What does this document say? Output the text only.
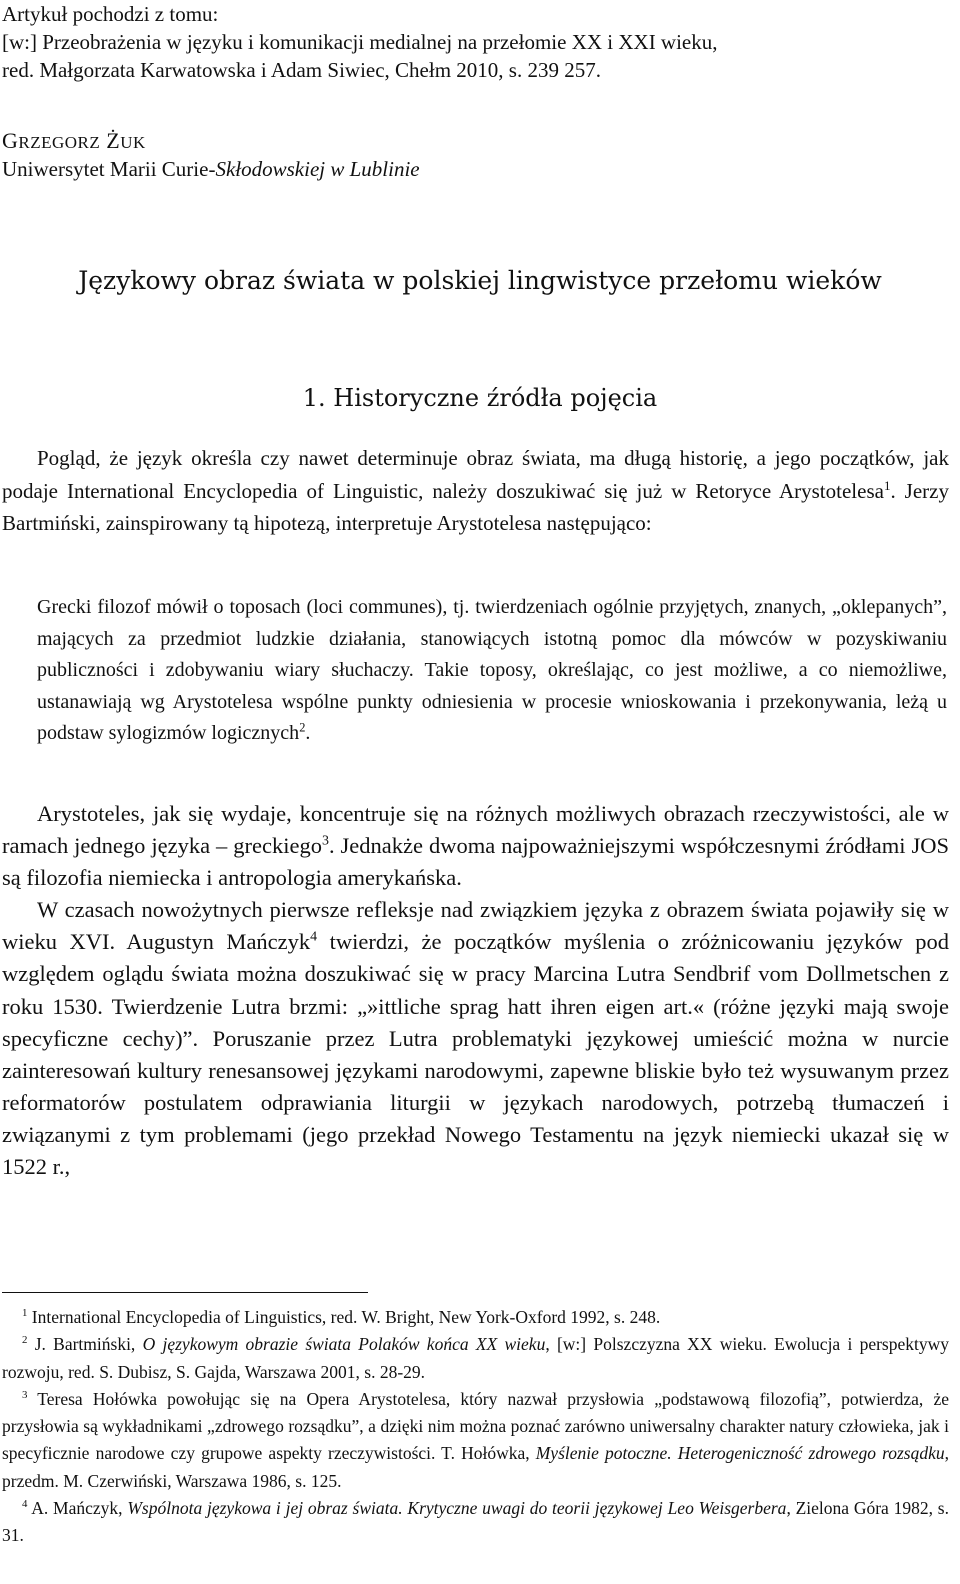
Artykuł pochodzi z tomu:
[w:] Przeobrażenia w języku i komunikacji medialnej na przełomie XX i XXI wieku,
red. Małgorzata Karwatowska i Adam Siwiec, Chełm 2010, s. 239 257.
GRZEGORZ ŻUK
Uniwersytet Marii Curie-Skłodowskiej w Lublinie
Językowy obraz świata w polskiej lingwistyce przełomu wieków
1. Historyczne źródła pojęcia

Pogląd, że język określa czy nawet determinuje obraz świata, ma długą historię, a jego początków, jak podaje International Encyclopedia of Linguistic, należy doszukiwać się już w Retoryce Arystotelesa$^1$. Jerzy Bartmiński, zainspirowany tą hipotezą, interpretuje Arystotelesa następująco:

Grecki filozof mówił o toposach (loci communes), tj. twierdzeniach ogólnie przyjętych, znanych, „oklepanych”, mających za przedmiot ludzkie działania, stanowiących istotną pomoc dla mówców w pozyskiwaniu publiczności i zdobywaniu wiary słuchaczy. Takie toposy, określając, co jest możliwe, a co niemożliwe, ustanawiają wg Arystotelesa wspólne punkty odniesienia w procesie wnioskowania i przekonywania, leżą u podstaw sylogizmów logicznych$^2$.

Arystoteles, jak się wydaje, koncentruje się na różnych możliwych obrazach rzeczywistości, ale w ramach jednego języka – greckiego$^3$. Jednakże dwoma najpoważniejszymi współczesnymi źródłami JOS są filozofia niemiecka i antropologia amerykańska.

W czasach nowożytnych pierwsze refleksje nad związkiem języka z obrazem świata pojawiły się w wieku XVI. Augustyn Mańczyk$^4$ twierdzi, że początków myślenia o zróżnicowaniu języków pod względem oglądu świata można doszukiwać się w pracy Marcina Lutra Sendbrif vom Dollmetschen z roku 1530. Twierdzenie Lutra brzmi: „»ittliche sprag hatt ihren eigen art.« (różne języki mają swoje specyficzne cechy)”. Poruszanie przez Lutra problematyki językowej umieścić można w nurcie zainteresowań kultury renesansowej językami narodowymi, zapewne bliskie było też wysuwanym przez reformatorów postulatem odprawiania liturgii w językach narodowych, potrzebą tłumaczeń i związanymi z tym problemami (jego przekład Nowego Testamentu na język niemiecki ukazał się w 1522 r.,

$^1$ International Encyclopedia of Linguistics, red. W. Bright, New York-Oxford 1992, s. 248.

$^2$ J. Bartmiński, O językowym obrazie świata Polaków końca XX wieku, [w:] Polszczyzna XX wieku. Ewolucja i perspektywy rozwoju, red. S. Dubisz, S. Gajda, Warszawa 2001, s. 28-29.

$^3$ Teresa Hołówka powołując się na Opera Arystotelesa, który nazwał przysłowia „podstawową filozofią”, potwierdza, że przysłowia są wykładnikami „zdrowego rozsądku”, a dzięki nim można poznać zarówno uniwersalny charakter natury człowieka, jak i specyficznie narodowe czy grupowe aspekty rzeczywistości. T. Hołówka, Myślenie potoczne. Heterogeniczność zdrowego rozsądku, przedm. M. Czerwiński, Warszawa 1986, s. 125.

$^4$ A. Mańczyk, Wspólnota językowa i jej obraz świata. Krytyczne uwagi do teorii językowej Leo Weisgerbera, Zielona Góra 1982, s. 31.
